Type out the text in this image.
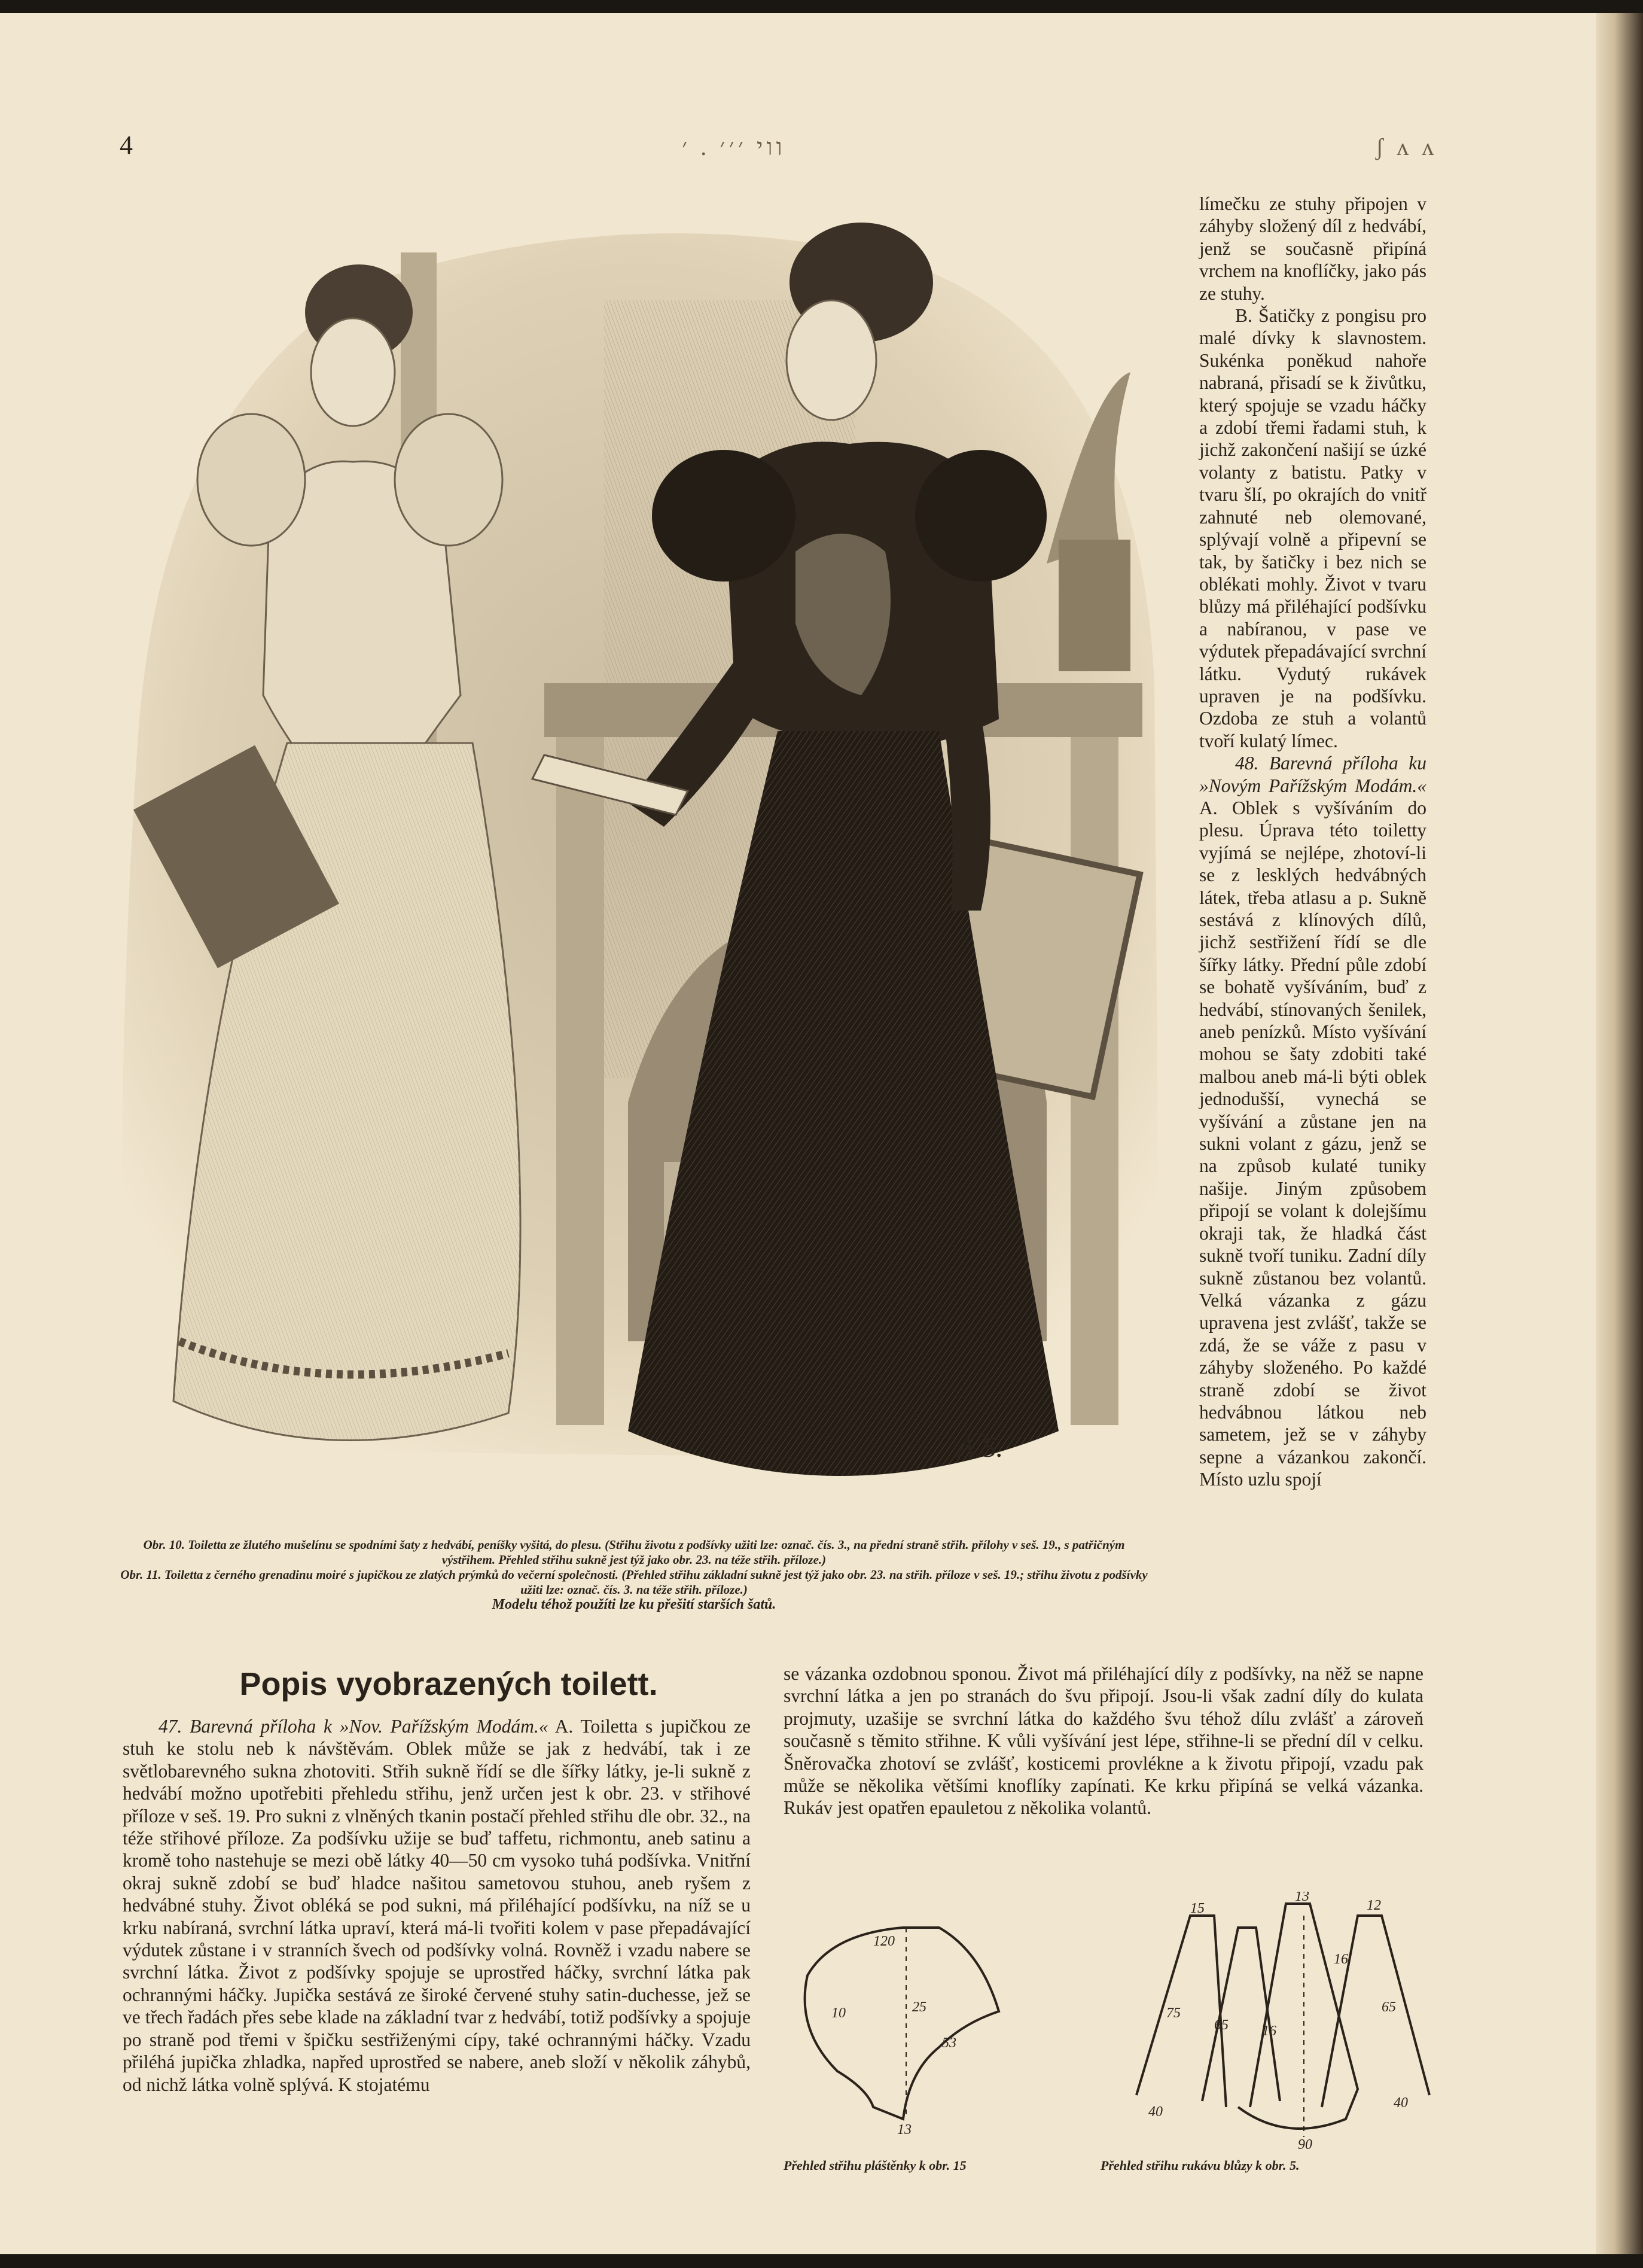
4	ווי ׳׳׳ . ׳	ʃ ʌ ʌ
A.S.

Obr. 10. Toiletta ze žlutého mušelínu se spodními šaty z hedvábí, peníšky vyšitá, do plesu. (Střihu životu z podšívky užiti lze: označ. čís. 3., na přední straně střih. přílohy v seš. 19., s patřičným výstřihem. Přehled střihu sukně jest týž jako obr. 23. na téže střih. příloze.)

Obr. 11. Toiletta z černého grenadinu moiré s jupičkou ze zlatých prýmků do večerní společnosti. (Přehled střihu základní sukně jest týž jako obr. 23. na střih. příloze v seš. 19.; střihu životu z podšívky užiti lze: označ. čís. 3. na téže střih. příloze.)

Modelu téhož použíti lze ku přešití starších šatů.

límečku ze stuhy připojen v záhyby složený díl z hedvábí, jenž se současně připíná vrchem na knoflíčky, jako pás ze stuhy.

B. Šatičky z pongisu pro malé dívky k slavnostem. Sukénka poněkud nahoře nabraná, přisadí se k živůtku, který spojuje se vzadu háčky a zdobí třemi řadami stuh, k jichž zakončení našijí se úzké volanty z batistu. Patky v tvaru šlí, po okrajích do vnitř zahnuté neb olemované, splývají volně a připevní se tak, by šatičky i bez nich se oblékati mohly. Život v tvaru blůzy má přiléhající podšívku a nabíranou, v pase ve výdutek přepadávající svrchní látku. Vydutý rukávek upraven je na podšívku. Ozdoba ze stuh a volantů tvoří kulatý límec.

48. Barevná příloha ku »Novým Pařížským Modám.« A. Oblek s vyšíváním do plesu. Úprava této toiletty vyjímá se nejlépe, zhotoví-li se z lesklých hedvábných látek, třeba atlasu a p. Sukně sestává z klínových dílů, jichž sestřižení řídí se dle šířky látky. Přední půle zdobí se bohatě vyšíváním, buď z hedvábí, stínovaných šenilek, aneb penízků. Místo vyšívání mohou se šaty zdobiti také malbou aneb má-li býti oblek jednodušší, vynechá se vyšívání a zůstane jen na sukni volant z gázu, jenž se na způsob kulaté tuniky našije. Jiným způsobem připojí se volant k dolejšímu okraji tak, že hladká část sukně tvoří tuniku. Zadní díly sukně zůstanou bez volantů. Velká vázanka z gázu upravena jest zvlášť, takže se zdá, že se váže z pasu v záhyby složeného. Po každé straně zdobí se život hedvábnou látkou neb sametem, jež se v záhyby sepne a vázankou zakončí. Místo uzlu spojí

Popis vyobrazených toilett.

47. Barevná příloha k »Nov. Pařížským Modám.« A. Toiletta s jupičkou ze stuh ke stolu neb k návštěvám. Oblek může se jak z hedvábí, tak i ze světlobarevného sukna zhotoviti. Střih sukně řídí se dle šířky látky, je-li sukně z hedvábí možno upotřebiti přehledu střihu, jenž určen jest k obr. 23. v střihové příloze v seš. 19. Pro sukni z vlněných tkanin postačí přehled střihu dle obr. 32., na téže střihové příloze. Za podšívku užije se buď taffetu, richmontu, aneb satinu a kromě toho nastehuje se mezi obě látky 40—50 cm vysoko tuhá podšívka. Vnitřní okraj sukně zdobí se buď hladce našitou sametovou stuhou, aneb ryšem z hedvábné stuhy. Život obléká se pod sukni, má přiléhající podšívku, na níž se u krku nabíraná, svrchní látka upraví, která má-li tvořiti kolem v pase přepadávající výdutek zůstane i v stranních švech od podšívky volná. Rovněž i vzadu nabere se svrchní látka. Život z podšívky spojuje se uprostřed háčky, svrchní látka pak ochrannými háčky. Jupička sestává ze široké červené stuhy satin-duchesse, jež se ve třech řadách přes sebe klade na základní tvar z hedvábí, totiž podšívky a spojuje po straně pod třemi v špičku sestřiženými cípy, také ochrannými háčky. Vzadu přiléhá jupička zhladka, napřed uprostřed se nabere, aneb složí v několik záhybů, od nichž látka volně splývá. K stojatému

se vázanka ozdobnou sponou. Život má přiléhající díly z podšívky, na něž se napne svrchní látka a jen po stranách do švu připojí. Jsou-li však zadní díly do kulata projmuty, uzašije se svrchní látka do každého švu téhož dílu zvlášť a zároveň současně s těmito střihne. K vůli vyšívání jest lépe, střihne-li se přední díl v celku. Šněrovačka zhotoví se zvlášť, kosticemi provlékne a k životu připojí, vzadu pak může se několika většími knoflíky zapínati. Ke krku připíná se velká vázanka. Rukáv jest opatřen epauletou z několika volantů.
120
25
10
53
13
13
15	12
75
65 16
65
40
90
40
16
Přehled střihu pláštěnky k obr. 15	Přehled střihu rukávu blůzy k obr. 5.
